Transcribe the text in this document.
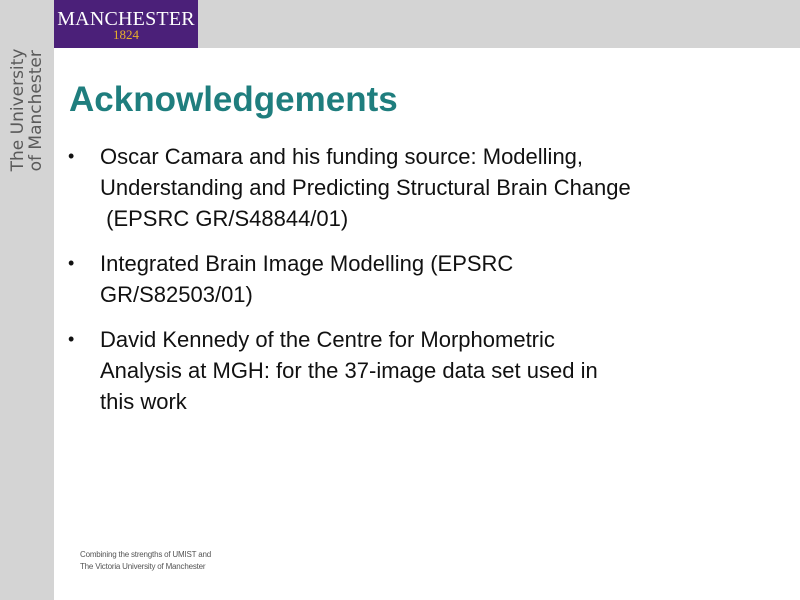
MANCHESTER
1824
The University
of Manchester Acknowledgements
• Oscar Camara and his funding source: Modelling,
Understanding and Predicting Structural Brain Change
(EPSRC GR/S48844/01)
• Integrated Brain Image Modelling (EPSRC
GR/S82503/01)
• David Kennedy of the Centre for Morphometric
Analysis at MGH: for the 37-image data set used in
this work
Combining the strengths of UMIST and
The Victoria University of Manchester
